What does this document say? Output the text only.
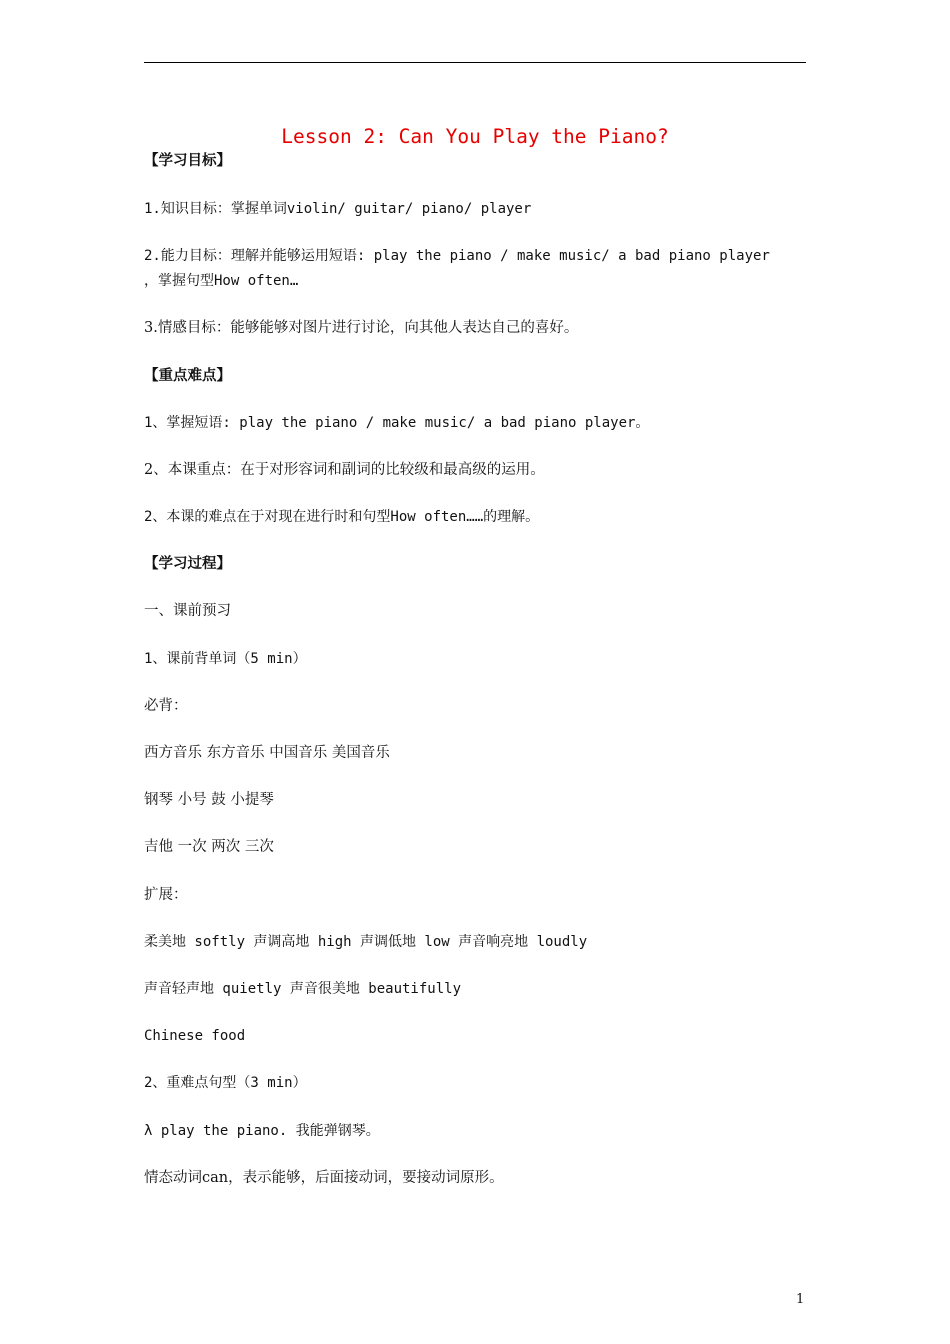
Lesson 2: Can You Play the Piano?
【学习目标】
1.知识目标：掌握单词violin/ guitar/ piano/ player
2.能力目标：理解并能够运用短语: play the piano / make music/ a bad piano player
，掌握句型How often…
3.情感目标：能够能够对图片进行讨论，向其他人表达自己的喜好。
【重点难点】
1、掌握短语: play the piano / make music/ a bad piano player。
2、本课重点：在于对形容词和副词的比较级和最高级的运用。
2、本课的难点在于对现在进行时和句型How often……的理解。
【学习过程】
一、课前预习
1、课前背单词（5 min）
必背：
西方音乐 东方音乐 中国音乐 美国音乐
钢琴 小号 鼓 小提琴
吉他 一次 两次 三次
扩展：
柔美地 softly 声调高地 high 声调低地 low 声音响亮地 loudly
声音轻声地 quietly 声音很美地 beautifully
Chinese food
2、重难点句型（3 min）
λ play the piano. 我能弹钢琴。
情态动词can，表示能够，后面接动词，要接动词原形。
1
